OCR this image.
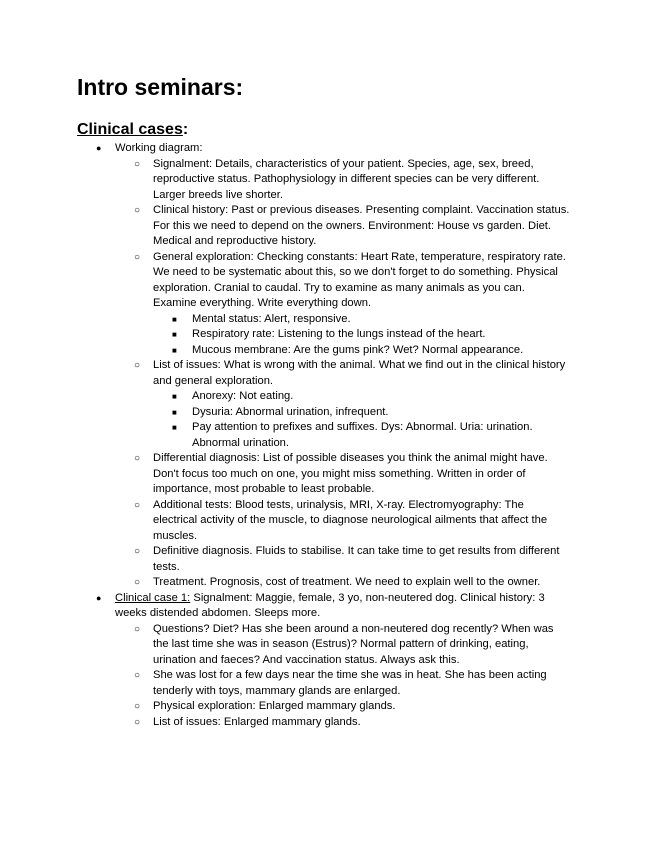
Intro seminars:
Clinical cases:
● Working diagram:
○ Signalment: Details, characteristics of your patient. Species, age, sex, breed, reproductive status. Pathophysiology in different species can be very different. Larger breeds live shorter.
○ Clinical history: Past or previous diseases. Presenting complaint. Vaccination status. For this we need to depend on the owners. Environment: House vs garden. Diet. Medical and reproductive history.
○ General exploration: Checking constants: Heart Rate, temperature, respiratory rate. We need to be systematic about this, so we don't forget to do something. Physical exploration. Cranial to caudal. Try to examine as many animals as you can. Examine everything. Write everything down.
■ Mental status: Alert, responsive.
■ Respiratory rate: Listening to the lungs instead of the heart.
■ Mucous membrane: Are the gums pink? Wet? Normal appearance.
○ List of issues: What is wrong with the animal. What we find out in the clinical history and general exploration.
■ Anorexy: Not eating.
■ Dysuria: Abnormal urination, infrequent.
■ Pay attention to prefixes and suffixes. Dys: Abnormal. Uria: urination. Abnormal urination.
○ Differential diagnosis: List of possible diseases you think the animal might have. Don't focus too much on one, you might miss something. Written in order of importance, most probable to least probable.
○ Additional tests: Blood tests, urinalysis, MRI, X-ray. Electromyography: The electrical activity of the muscle, to diagnose neurological ailments that affect the muscles.
○ Definitive diagnosis. Fluids to stabilise. It can take time to get results from different tests.
○ Treatment. Prognosis, cost of treatment. We need to explain well to the owner.
● Clinical case 1: Signalment: Maggie, female, 3 yo, non-neutered dog. Clinical history: 3 weeks distended abdomen. Sleeps more.
○ Questions? Diet? Has she been around a non-neutered dog recently? When was the last time she was in season (Estrus)? Normal pattern of drinking, eating, urination and faeces? And vaccination status. Always ask this.
○ She was lost for a few days near the time she was in heat. She has been acting tenderly with toys, mammary glands are enlarged.
○ Physical exploration: Enlarged mammary glands.
○ List of issues: Enlarged mammary glands.
